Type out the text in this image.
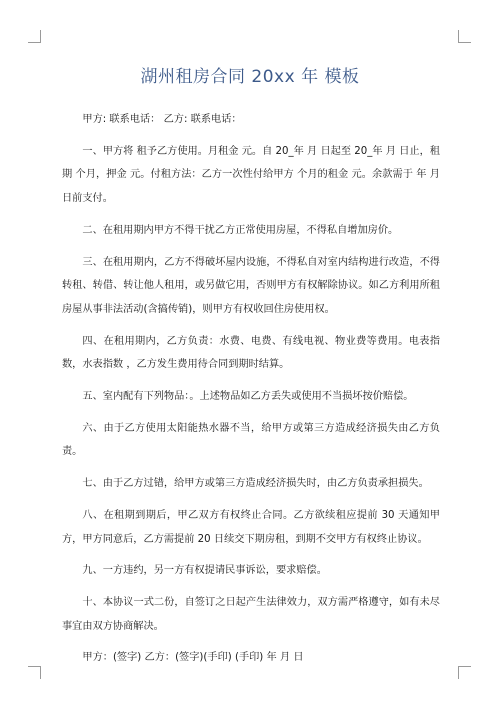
湖州租房合同 20xx 年 模板

甲方: 联系电话： 乙方: 联系电话：

一、甲方将 租予乙方使用。月租金 元。自 20_年 月 日起至 20_年 月 日止，租期 个月，押金 元。付租方法：乙方一次性付给甲方 个月的租金 元。余款需于 年 月 日前支付。

二、在租用期内甲方不得干扰乙方正常使用房屋，不得私自增加房价。

三、在租用期内，乙方不得破坏屋内设施，不得私自对室内结构进行改造，不得转租、转借、转让他人租用，或另做它用，否则甲方有权解除协议。如乙方利用所租房屋从事非法活动(含搞传销)，则甲方有权收回住房使用权。

四、在租用期内，乙方负责：水费、电费、有线电视、物业费等费用。电表指数，水表指数 ，乙方发生费用待合同到期时结算。

五、室内配有下列物品：。上述物品如乙方丢失或使用不当损坏按价赔偿。

六、由于乙方使用太阳能热水器不当，给甲方或第三方造成经济损失由乙方负责。

七、由于乙方过错，给甲方或第三方造成经济损失时，由乙方负责承担损失。

八、在租期到期后，甲乙双方有权终止合同。乙方欲续租应提前 30 天通知甲方，甲方同意后，乙方需提前 20 日续交下期房租，到期不交甲方有权终止协议。

九、一方违约，另一方有权提请民事诉讼，要求赔偿。

十、本协议一式二份，自签订之日起产生法律效力，双方需严格遵守，如有未尽事宜由双方协商解决。

甲方：(签字) 乙方：(签字)(手印) (手印) 年 月 日
